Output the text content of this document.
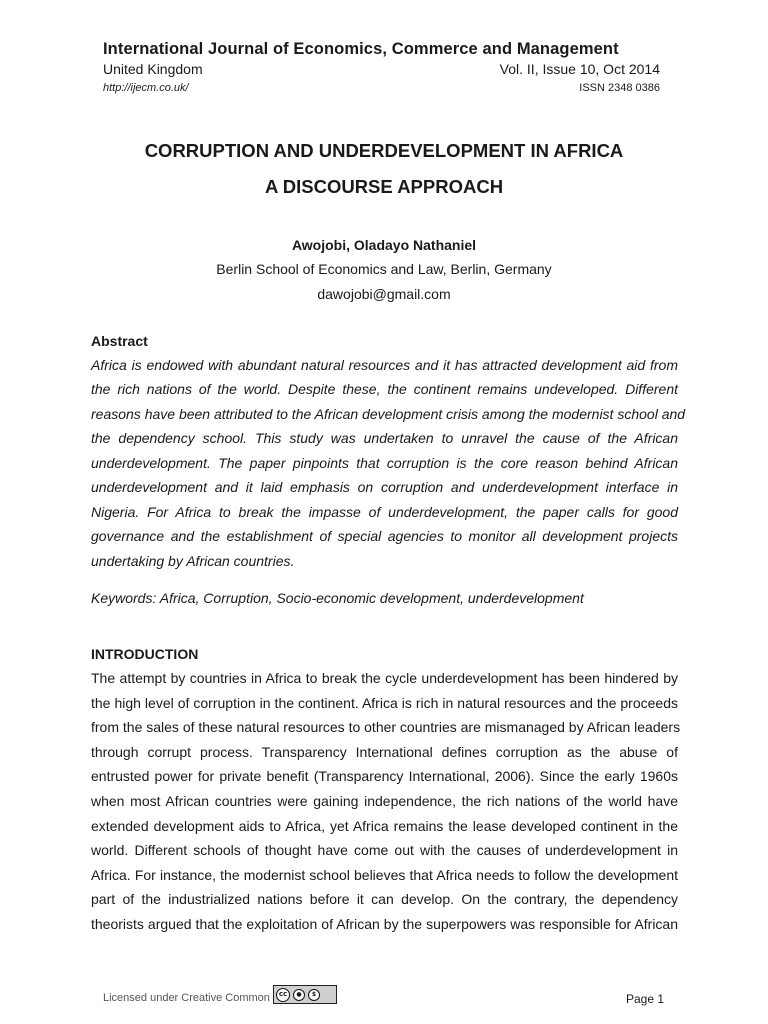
International Journal of Economics, Commerce and Management
United Kingdom	Vol. II, Issue 10, Oct 2014
http://ijecm.co.uk/	ISSN 2348 0386
CORRUPTION AND UNDERDEVELOPMENT IN AFRICA
A DISCOURSE APPROACH
Awojobi, Oladayo Nathaniel
Berlin School of Economics and Law, Berlin, Germany
dawojobi@gmail.com
Abstract
Africa is endowed with abundant natural resources and it has attracted development aid from
the rich nations of the world. Despite these, the continent remains undeveloped. Different
reasons have been attributed to the African development crisis among the modernist school and
the dependency school. This study was undertaken to unravel the cause of the African
underdevelopment. The paper pinpoints that corruption is the core reason behind African
underdevelopment and it laid emphasis on corruption and underdevelopment interface in
Nigeria. For Africa to break the impasse of underdevelopment, the paper calls for good
governance and the establishment of special agencies to monitor all development projects
undertaking by African countries.
Keywords: Africa, Corruption, Socio-economic development, underdevelopment
INTRODUCTION
The attempt by countries in Africa to break the cycle underdevelopment has been hindered by
the high level of corruption in the continent. Africa is rich in natural resources and the proceeds
from the sales of these natural resources to other countries are mismanaged by African leaders
through corrupt process. Transparency International defines corruption as the abuse of
entrusted power for private benefit (Transparency International, 2006). Since the early 1960s
when most African countries were gaining independence, the rich nations of the world have
extended development aids to Africa, yet Africa remains the lease developed continent in the
world. Different schools of thought have come out with the causes of underdevelopment in
Africa. For instance, the modernist school believes that Africa needs to follow the development
part of the industrialized nations before it can develop. On the contrary, the dependency
theorists argued that the exploitation of African by the superpowers was responsible for African
Licensed under Creative Common	cc	●	$	Page 1
